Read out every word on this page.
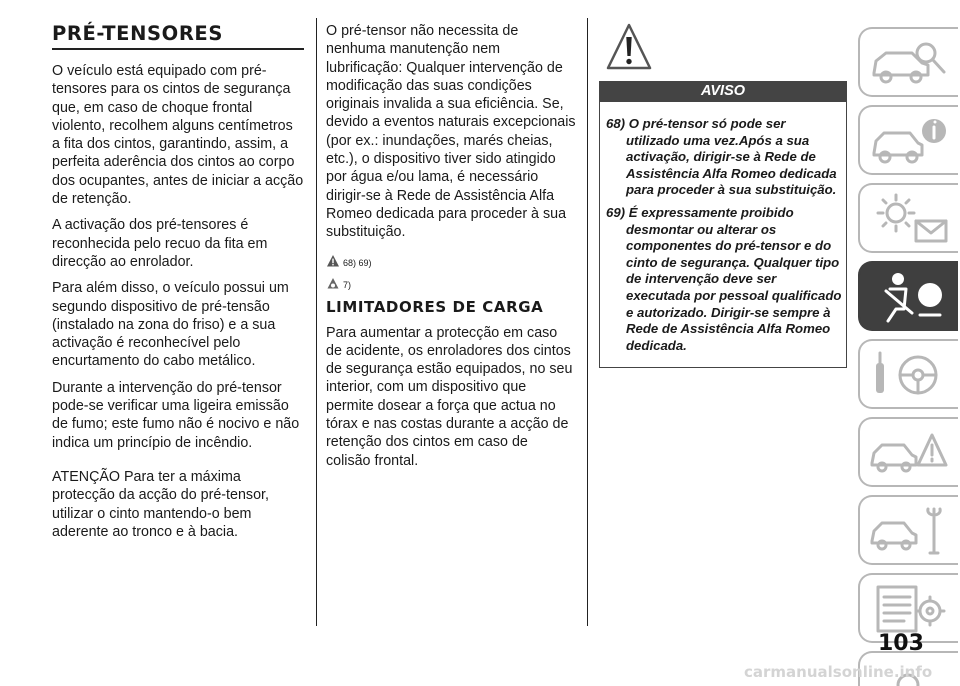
PRÉ-TENSORES

O veículo está equipado com pré-tensores para os cintos de segurança que, em caso de choque frontal violento, recolhem alguns centímetros a fita dos cintos, garantindo, assim, a perfeita aderência dos cintos ao corpo dos ocupantes, antes de iniciar a acção de retenção.

A activação dos pré-tensores é reconhecida pelo recuo da fita em direcção ao enrolador.

Para além disso, o veículo possui um segundo dispositivo de pré-tensão (instalado na zona do friso) e a sua activação é reconhecível pelo encurtamento do cabo metálico.

Durante a intervenção do pré-tensor pode-se verificar uma ligeira emissão de fumo; este fumo não é nocivo e não indica um princípio de incêndio.

ATENÇÃO Para ter a máxima protecção da acção do pré-tensor, utilizar o cinto mantendo-o bem aderente ao tronco e à bacia.

O pré-tensor não necessita de nenhuma manutenção nem lubrificação: Qualquer intervenção de modificação das suas condições originais invalida a sua eficiência. Se, devido a eventos naturais excepcionais (por ex.: inundações, marés cheias, etc.), o dispositivo tiver sido atingido por água e/ou lama, é necessário dirigir-se à Rede de Assistência Alfa Romeo dedicada para proceder à sua substituição.

68) 69)
7)
LIMITADORES DE CARGA

Para aumentar a protecção em caso de acidente, os enroladores dos cintos de segurança estão equipados, no seu interior, com um dispositivo que permite dosear a força que actua no tórax e nas costas durante a acção de retenção dos cintos em caso de colisão frontal.

AVISO
68) O pré-tensor só pode ser
utilizado uma vez.Após a sua activação, dirigir-se à Rede de Assistência Alfa Romeo dedicada para proceder à sua substituição.
69) É expressamente proibido
desmontar ou alterar os componentes do pré-tensor e do cinto de segurança. Qualquer tipo de intervenção deve ser executada por pessoal qualificado e autorizado. Dirigir-se sempre à Rede de Assistência Alfa Romeo dedicada.
103
carmanualsonline.info
